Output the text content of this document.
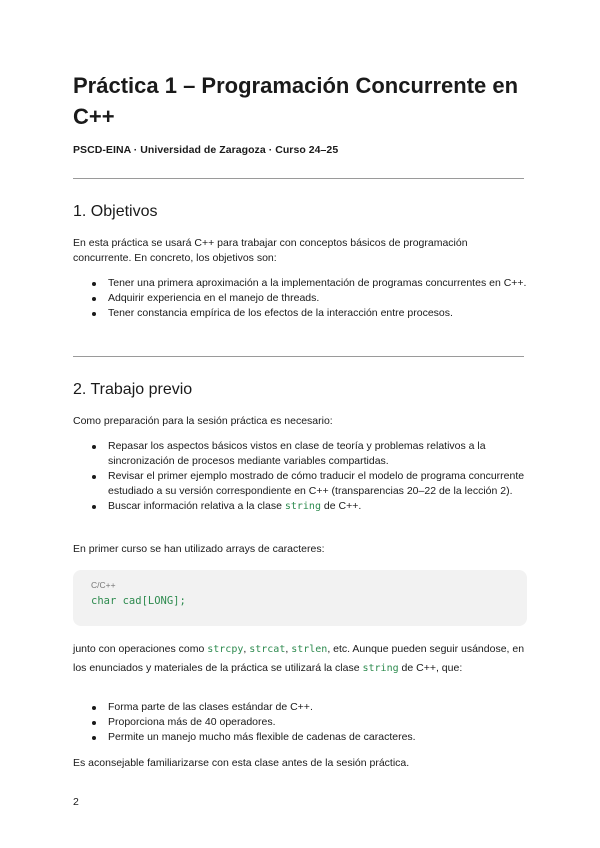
Práctica 1 – Programación Concurrente en C++

PSCD-EINA · Universidad de Zaragoza · Curso 24–25

1. Objetivos

En esta práctica se usará C++ para trabajar con conceptos básicos de programación concurrente. En concreto, los objetivos son:

Tener una primera aproximación a la implementación de programas concurrentes en C++.
Adquirir experiencia en el manejo de threads.
Tener constancia empírica de los efectos de la interacción entre procesos.
2. Trabajo previo

Como preparación para la sesión práctica es necesario:

Repasar los aspectos básicos vistos en clase de teoría y problemas relativos a la sincronización de procesos mediante variables compartidas.
Revisar el primer ejemplo mostrado de cómo traducir el modelo de programa concurrente estudiado a su versión correspondiente en C++ (transparencias 20–22 de la lección 2).
Buscar información relativa a la clase string de C++.

En primer curso se han utilizado arrays de caracteres:

C/C++
char cad[LONG];

junto con operaciones como strcpy, strcat, strlen, etc. Aunque pueden seguir usándose, en los enunciados y materiales de la práctica se utilizará la clase string de C++, que:

Forma parte de las clases estándar de C++.
Proporciona más de 40 operadores.
Permite un manejo mucho más flexible de cadenas de caracteres.

Es aconsejable familiarizarse con esta clase antes de la sesión práctica.

2
